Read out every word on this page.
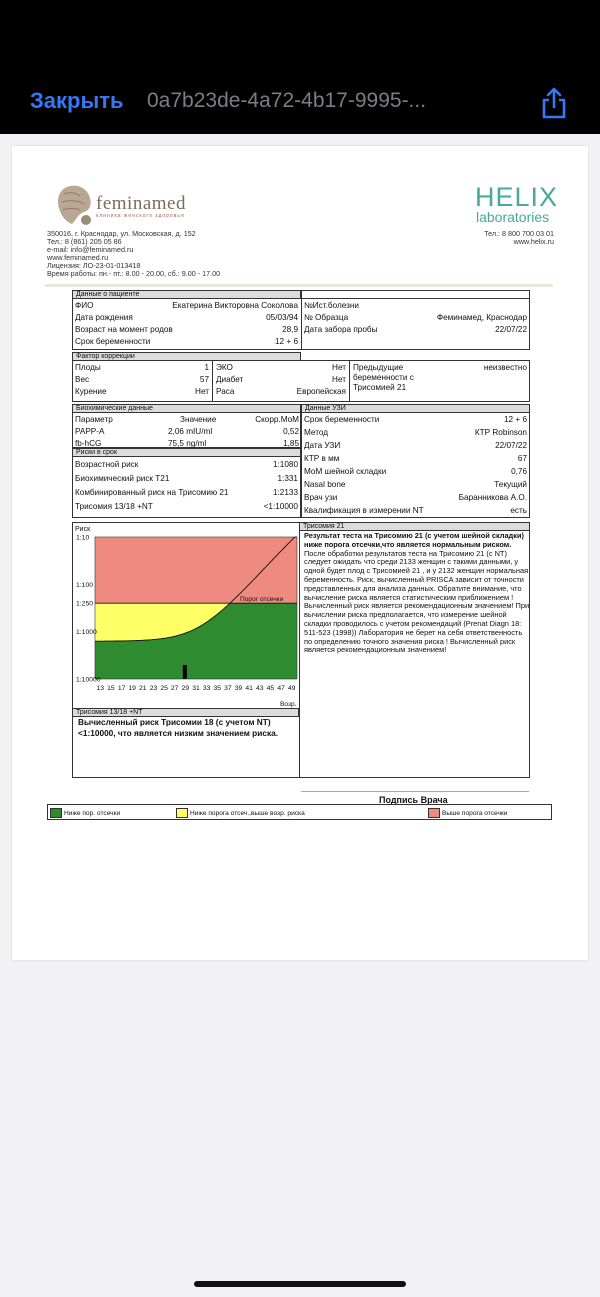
Закрыть 0a7b23de-4a72-4b17-9995-...
feminamed
клиника женского здоровья
HELIX
laboratories
350016, г. Краснодар, ул. Московская, д. 152
Тел.: 8 (861) 205 05 86
e-mail: info@feminamed.ru
www.feminamed.ru
Лицензия: ЛО-23-01-013418
Время работы: пн.- пт.: 8.00 - 20.00, сб.: 9.00 - 17.00
Тел.: 8 800 700 03 01
www.helix.ru
Данные о пациенте
ФИО	Екатерина Викторовна Соколова
Дата рождения	05/03/94
Возраст на момент родов	28,9
Срок беременности	12 + 6
№Ист.болезни
№ Образца	Феминамед, Краснодар
Дата забора пробы	22/07/22
Фактор коррекции
Плоды	1
Вес	57
Курение	Нет
ЭКО	Нет
Диабет	Нет
Раса	Европейская
Предыдущие
беременности с
Трисомией 21
неизвестно
Биохимические данные	Данные УЗИ
Параметр	Значение	Скорр.МоМ
PAPP-A	2,06 mIU/ml	0,52
fb-hCG	75,5 ng/ml	1,85
Срок беременности	12 + 6
Метод	КТР Robinson
Дата УЗИ	22/07/22
КТР в мм	67
МоМ шейной складки	0,76
Nasal bone	Текущий
Врач узи	Баранникова А.О.
Квалификация в измерении NT	есть
Риски в срок
Возрастной риск	1:1080
Биохимический риск Т21	1:331
Комбинированный риск на Трисомию 21	1:2133
Трисомия 13/18 +NT	<1:10000
Трисомия 21
Риск
Порог отсечки
1:10
1:100
1:250
1:1000
1:10000
13 15 17 19 21 23 25 27 29 31 33 35 37 39 41 43 45 47 49
Возр.
Результат теста на Трисомию 21 (с учетом шейной складки) ниже порога отсечки,что является нормальным риском.
После обработки результатов теста на Трисомию 21 (с NT) следует ожидать что среди 2133 женщин с такими данными, у одной будет плод с Трисомией 21 , и у 2132 женщин нормальная беременность. Риск, вычисленный PRISCA зависит от точности представленных для анализа данных. Обратите внимание, что вычисление риска является статистическим приближением ! Вычисленный риск является рекомендационным значением! При вычислении риска предполагается, что измерение шейной складки проводилось с учетом рекомендаций (Prenat Diagn 18: 511-523 (1998)) Лаборатория не берет на себя ответственность по определению точного значения риска ! Вычисленный риск является рекомендационным значением!
Трисомия 13/18 +NT
Вычисленный риск Трисомии 18 (с учетом NT) <1:10000, что является низким значением риска.
Подпись Врача
Ниже пор. отсечки	Ниже порога отсеч.,выше возр. риска	Выше порога отсечки
